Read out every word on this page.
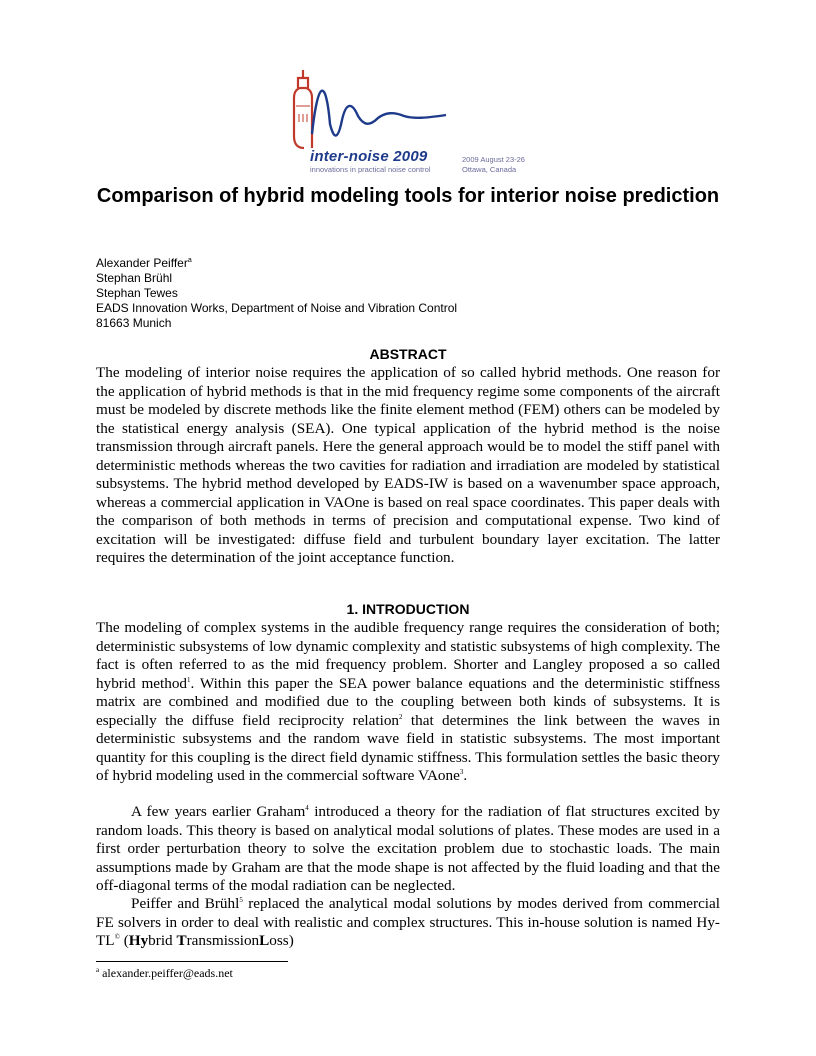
inter-noise 2009
innovations in practical noise control
2009 August 23-26
Ottawa, Canada
Comparison of hybrid modeling tools for interior noise prediction
Alexander Peiffer$^a$
Stephan Brühl
Stephan Tewes
EADS Innovation Works, Department of Noise and Vibration Control
81663 Munich
ABSTRACT

The modeling of interior noise requires the application of so called hybrid methods. One reason for the application of hybrid methods is that in the mid frequency regime some components of the aircraft must be modeled by discrete methods like the finite element method (FEM) others can be modeled by the statistical energy analysis (SEA). One typical application of the hybrid method is the noise transmission through aircraft panels. Here the general approach would be to model the stiff panel with deterministic methods whereas the two cavities for radiation and irradiation are modeled by statistical subsystems. The hybrid method developed by EADS-IW is based on a wavenumber space approach, whereas a commercial application in VAOne is based on real space coordinates. This paper deals with the comparison of both methods in terms of precision and computational expense. Two kind of excitation will be investigated: diffuse field and turbulent boundary layer excitation. The latter requires the determination of the joint acceptance function.

1. INTRODUCTION

The modeling of complex systems in the audible frequency range requires the consideration of both; deterministic subsystems of low dynamic complexity and statistic subsystems of high complexity. The fact is often referred to as the mid frequency problem. Shorter and Langley proposed a so called hybrid method$^1$. Within this paper the SEA power balance equations and the deterministic stiffness matrix are combined and modified due to the coupling between both kinds of subsystems. It is especially the diffuse field reciprocity relation$^2$ that determines the link between the waves in deterministic subsystems and the random wave field in statistic subsystems. The most important quantity for this coupling is the direct field dynamic stiffness. This formulation settles the basic theory of hybrid modeling used in the commercial software VAone$^3$.

A few years earlier Graham$^4$ introduced a theory for the radiation of flat structures excited by random loads. This theory is based on analytical modal solutions of plates. These modes are used in a first order perturbation theory to solve the excitation problem due to stochastic loads. The main assumptions made by Graham are that the mode shape is not affected by the fluid loading and that the off-diagonal terms of the modal radiation can be neglected.

Peiffer and Brühl$^5$ replaced the analytical modal solutions by modes derived from commercial FE solvers in order to deal with realistic and complex structures. This in-house solution is named Hy-TL© (Hybrid TransmissionLoss)

$^a$ alexander.peiffer@eads.net
